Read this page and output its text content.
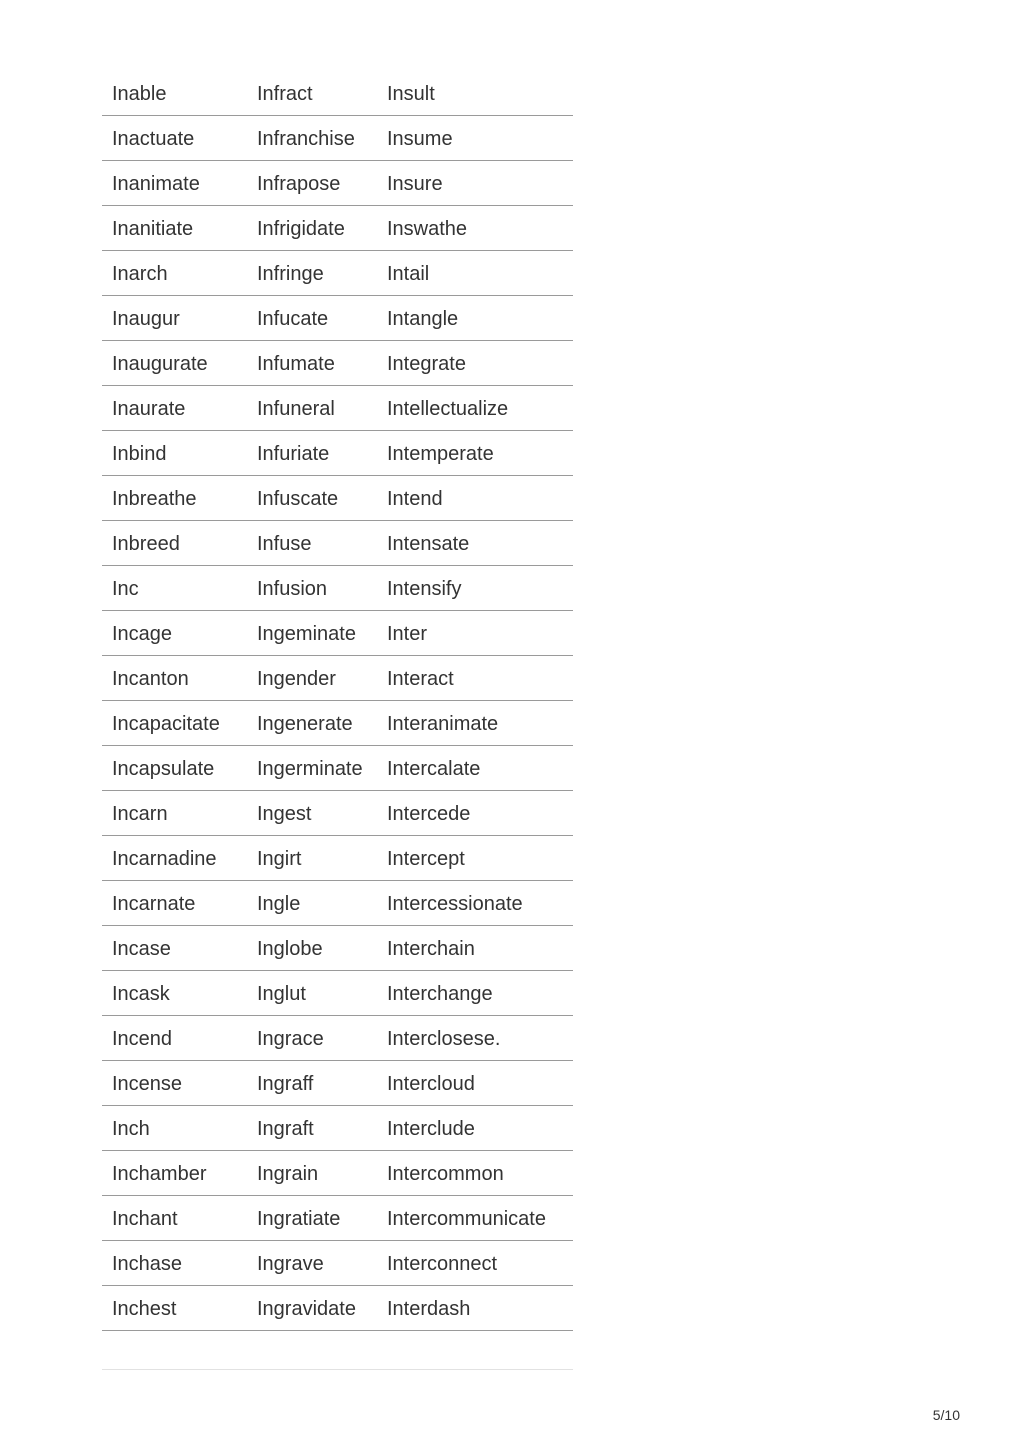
Inable	Infract	Insult
Inactuate	Infranchise	Insume
Inanimate	Infrapose	Insure
Inanitiate	Infrigidate	Inswathe
Inarch	Infringe	Intail
Inaugur	Infucate	Intangle
Inaugurate	Infumate	Integrate
Inaurate	Infuneral	Intellectualize
Inbind	Infuriate	Intemperate
Inbreathe	Infuscate	Intend
Inbreed	Infuse	Intensate
Inc	Infusion	Intensify
Incage	Ingeminate	Inter
Incanton	Ingender	Interact
Incapacitate	Ingenerate	Interanimate
Incapsulate	Ingerminate	Intercalate
Incarn	Ingest	Intercede
Incarnadine	Ingirt	Intercept
Incarnate	Ingle	Intercessionate
Incase	Inglobe	Interchain
Incask	Inglut	Interchange
Incend	Ingrace	Interclosese.
Incense	Ingraff	Intercloud
Inch	Ingraft	Interclude
Inchamber	Ingrain	Intercommon
Inchant	Ingratiate	Intercommunicate
Inchase	Ingrave	Interconnect
Inchest	Ingravidate	Interdash
5/10
